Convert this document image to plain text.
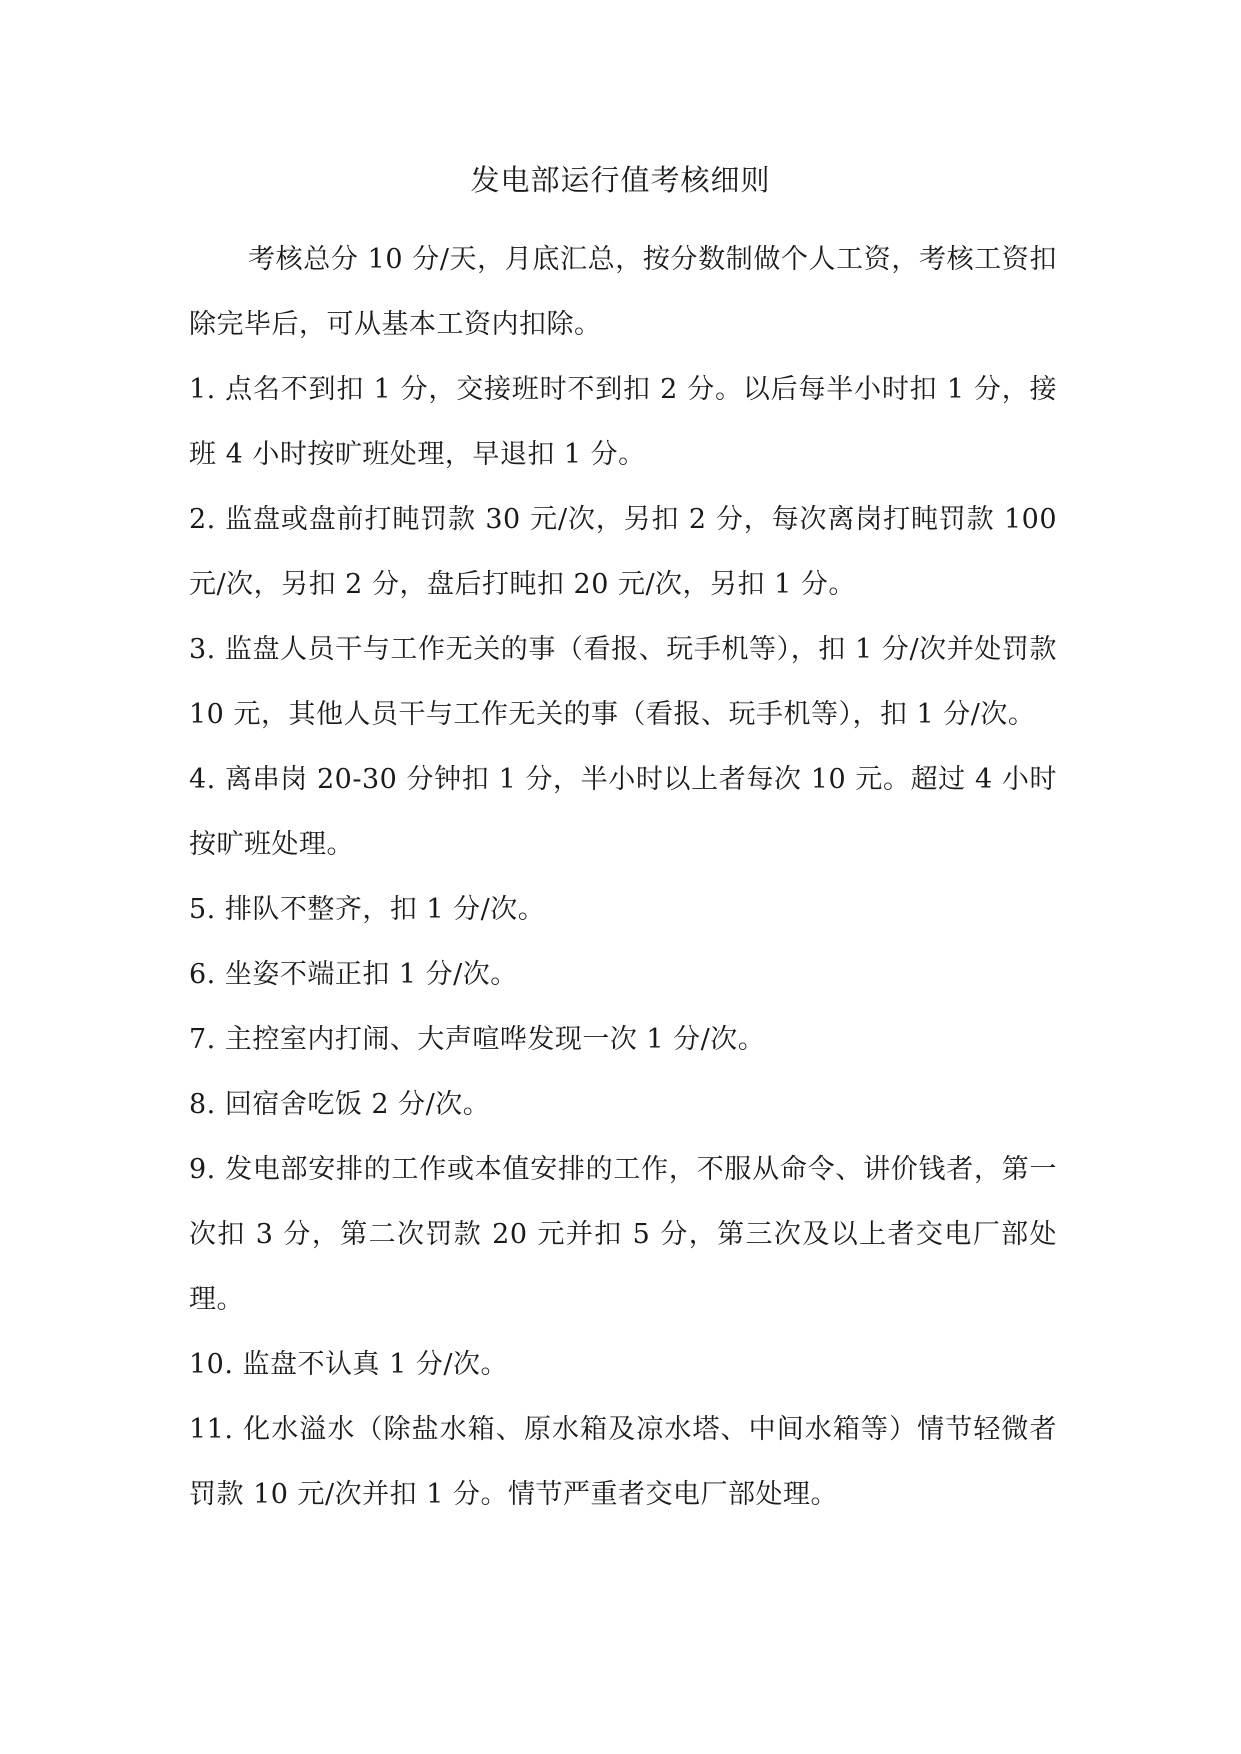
发电部运行值考核细则

考核总分 10 分/天，月底汇总，按分数制做个人工资，考核工资扣除完毕后，可从基本工资内扣除。

1. 点名不到扣 1 分，交接班时不到扣 2 分。以后每半小时扣 1 分，接班 4 小时按旷班处理，早退扣 1 分。

2. 监盘或盘前打盹罚款 30 元/次，另扣 2 分，每次离岗打盹罚款 100 元/次，另扣 2 分，盘后打盹扣 20 元/次，另扣 1 分。

3. 监盘人员干与工作无关的事（看报、玩手机等），扣 1 分/次并处罚款 10 元，其他人员干与工作无关的事（看报、玩手机等），扣 1 分/次。

4. 离串岗 20-30 分钟扣 1 分，半小时以上者每次 10 元。超过 4 小时按旷班处理。

5. 排队不整齐，扣 1 分/次。

6. 坐姿不端正扣 1 分/次。

7. 主控室内打闹、大声喧哗发现一次 1 分/次。

8. 回宿舍吃饭 2 分/次。

9. 发电部安排的工作或本值安排的工作，不服从命令、讲价钱者，第一次扣 3 分，第二次罚款 20 元并扣 5 分，第三次及以上者交电厂部处理。

10. 监盘不认真 1 分/次。

11. 化水溢水（除盐水箱、原水箱及凉水塔、中间水箱等）情节轻微者罚款 10 元/次并扣 1 分。情节严重者交电厂部处理。
